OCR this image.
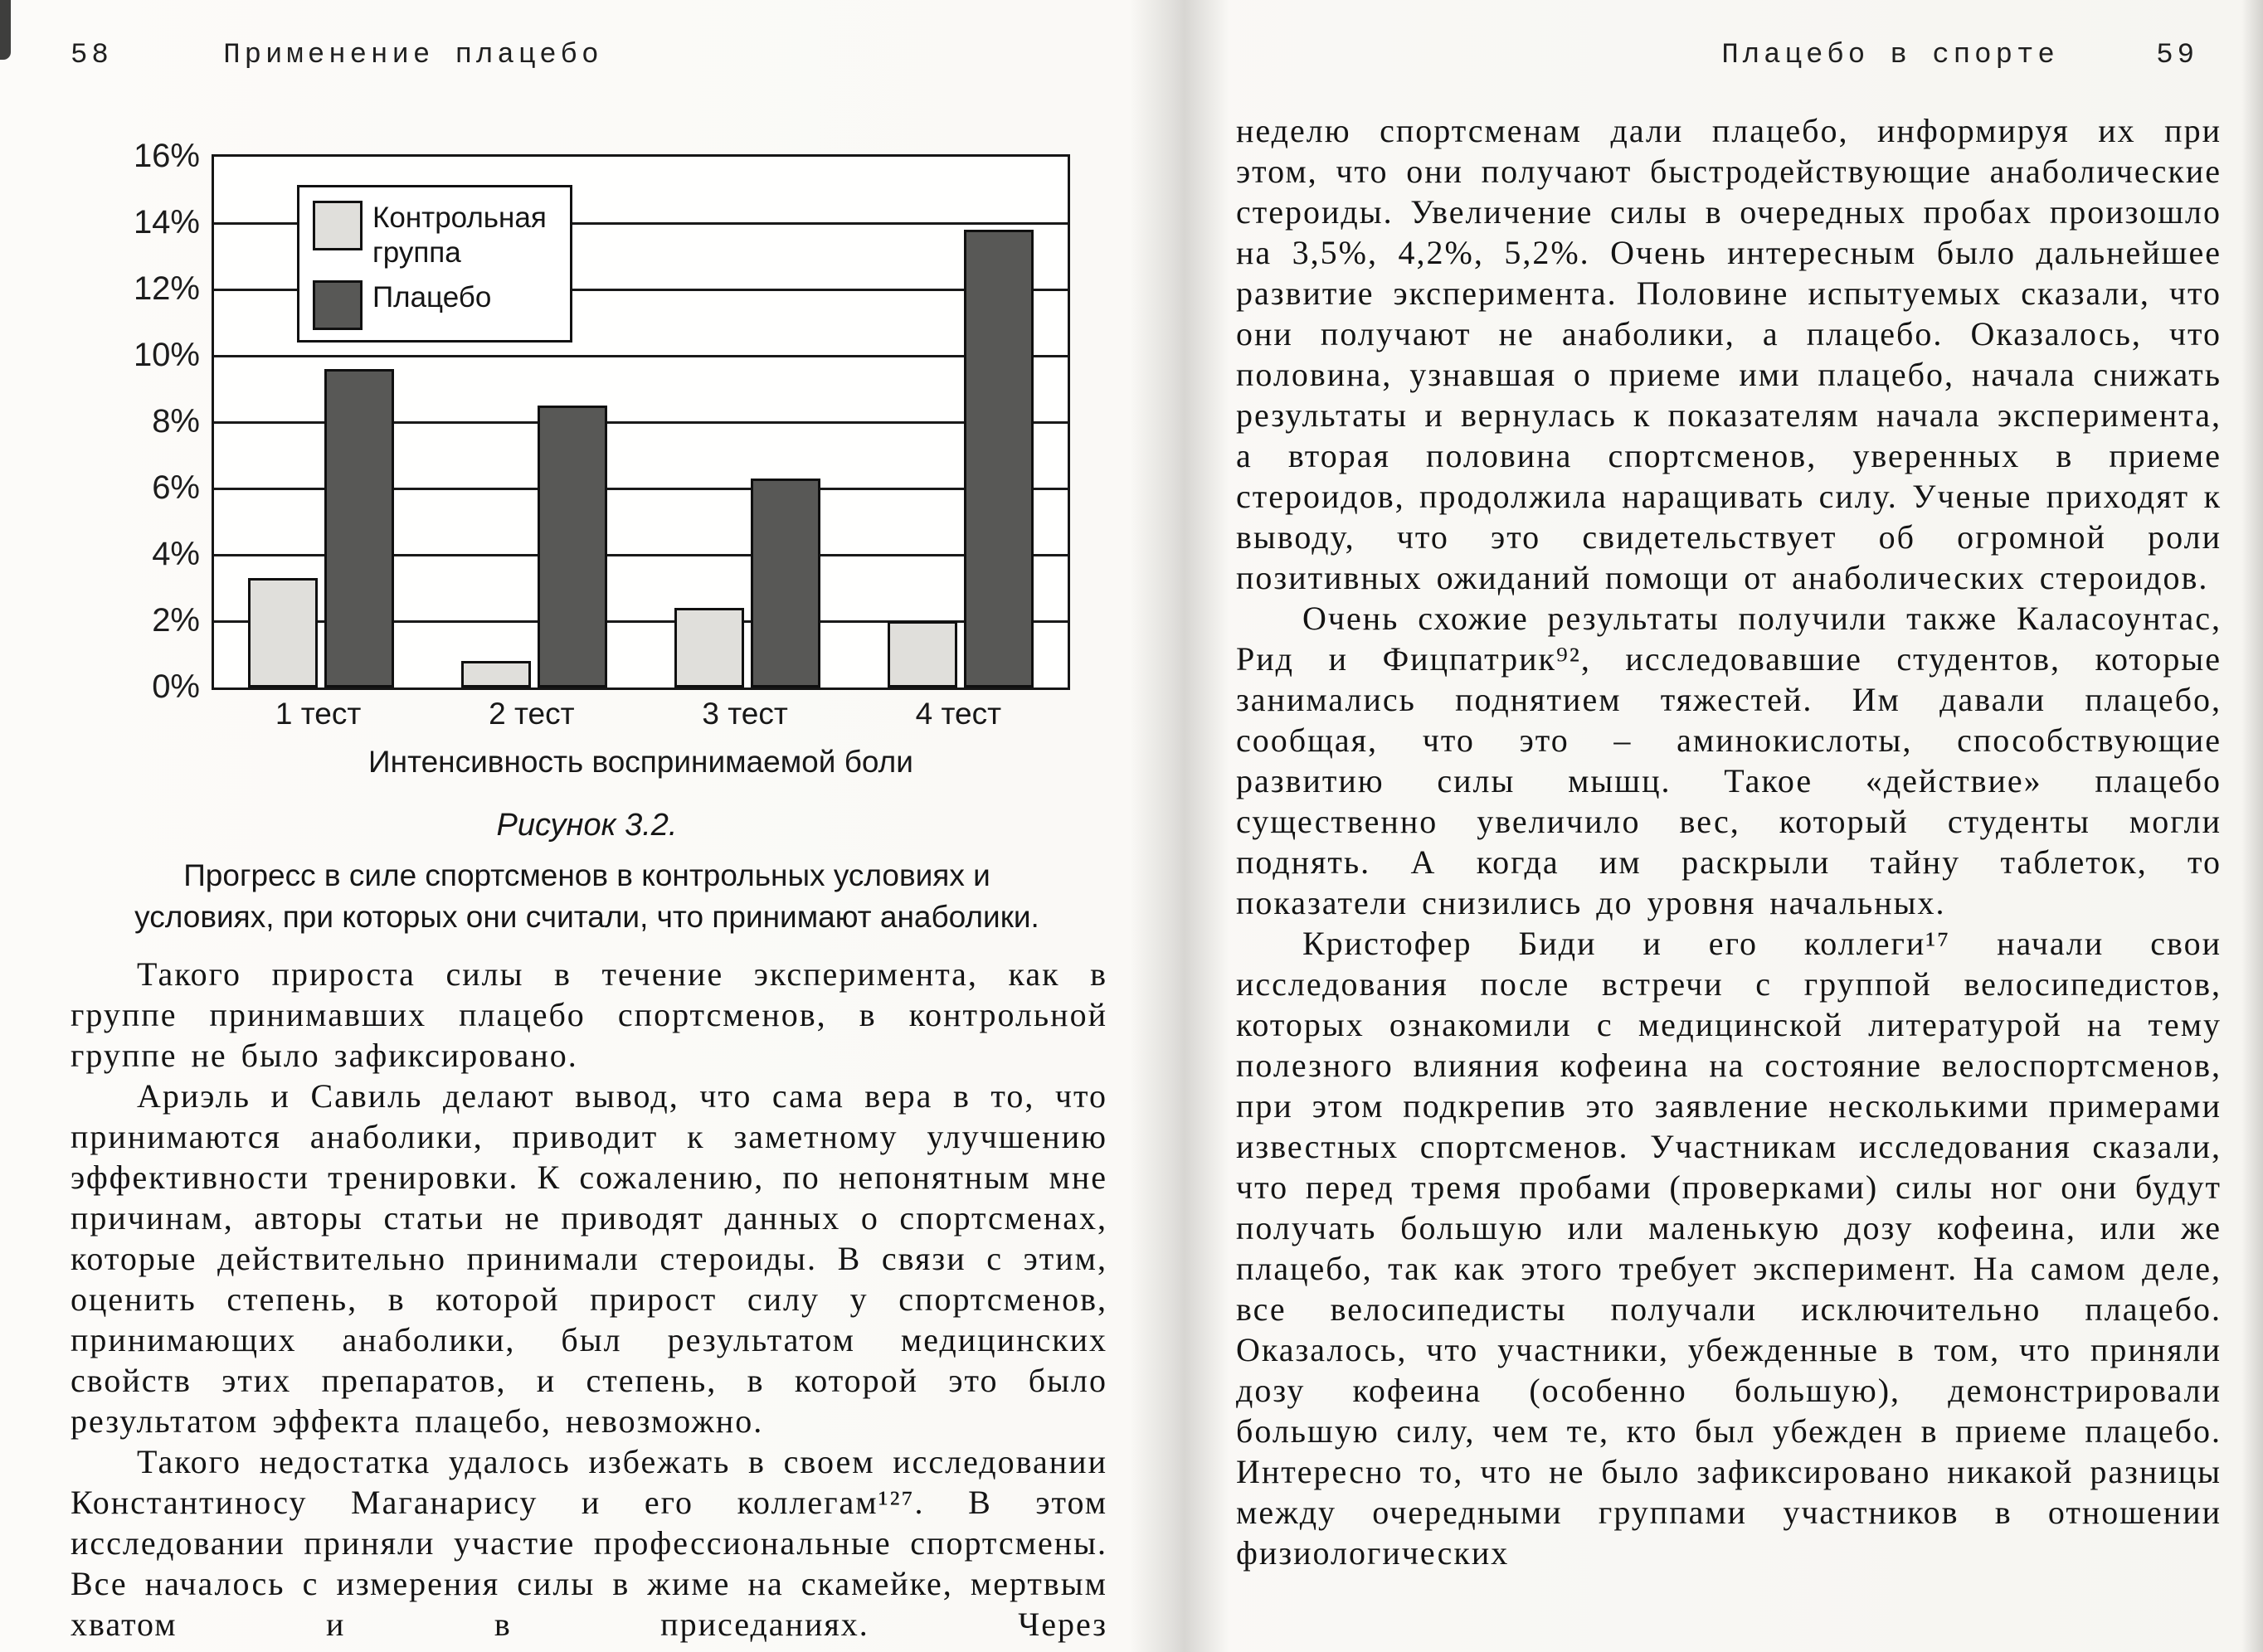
58	Применение плацебо
0%
2%
4%
6%
8%
10%
12%
14%
16%
Контрольная группа
Плацебо
1 тест	2 тест	3 тест	4 тест
Интенсивность воспринимаемой боли
Рисунок 3.2.
Прогресс в силе спортсменов в контрольных условиях и условиях, при которых они считали, что принимают анаболики.

Такого прироста силы в течение эксперимента, как в группе принимавших плацебо спортсменов, в контрольной группе не было зафиксировано.

Ариэль и Савиль делают вывод, что сама вера в то, что принимаются анаболики, приводит к заметному улучшению эффективности тренировки. К сожалению, по непонятным мне причинам, авторы статьи не приводят данных о спортсменах, которые действительно принимали стероиды. В связи с этим, оценить степень, в которой прирост силу у спортсменов, принимающих анаболики, был результатом медицинских свойств этих препаратов, и степень, в которой это было результатом эффекта плацебо, невозможно.

Такого недостатка удалось избежать в своем исследовании Константиносу Маганарису и его коллегам¹²⁷. В этом исследовании приняли участие профессиональные спортсмены. Все началось с измерения силы в жиме на скамейке, мертвым хватом и в приседаниях. Через

Плацебо в спорте	59

неделю спортсменам дали плацебо, информируя их при этом, что они получают быстродействующие анаболические стероиды. Увеличение силы в очередных пробах произошло на 3,5%, 4,2%, 5,2%. Очень интересным было дальнейшее развитие эксперимента. Половине испытуемых сказали, что они получают не анаболики, а плацебо. Оказалось, что половина, узнавшая о приеме ими плацебо, начала снижать результаты и вернулась к показателям начала эксперимента, а вторая половина спортсменов, уверенных в приеме стероидов, продолжила наращивать силу. Ученые приходят к выводу, что это свидетельствует об огромной роли позитивных ожиданий помощи от анаболических стероидов.

Очень схожие результаты получили также Каласоунтас, Рид и Фицпатрик⁹², исследовавшие студентов, которые занимались поднятием тяжестей. Им давали плацебо, сообщая, что это – аминокислоты, способствующие развитию силы мышц. Такое «действие» плацебо существенно увеличило вес, который студенты могли поднять. А когда им раскрыли тайну таблеток, то показатели снизились до уровня начальных.

Кристофер Биди и его коллеги¹⁷ начали свои исследования после встречи с группой велосипедистов, которых ознакомили с медицинской литературой на тему полезного влияния кофеина на состояние велоспортсменов, при этом подкрепив это заявление несколькими примерами известных спортсменов. Участникам исследования сказали, что перед тремя пробами (проверками) силы ног они будут получать большую или маленькую дозу кофеина, или же плацебо, так как этого требует эксперимент. На самом деле, все велосипедисты получали исключительно плацебо. Оказалось, что участники, убежденные в том, что приняли дозу кофеина (особенно большую), демонстрировали большую силу, чем те, кто был убежден в приеме плацебо. Интересно то, что не было зафиксировано никакой разницы между очередными группами участников в отношении физиологических
